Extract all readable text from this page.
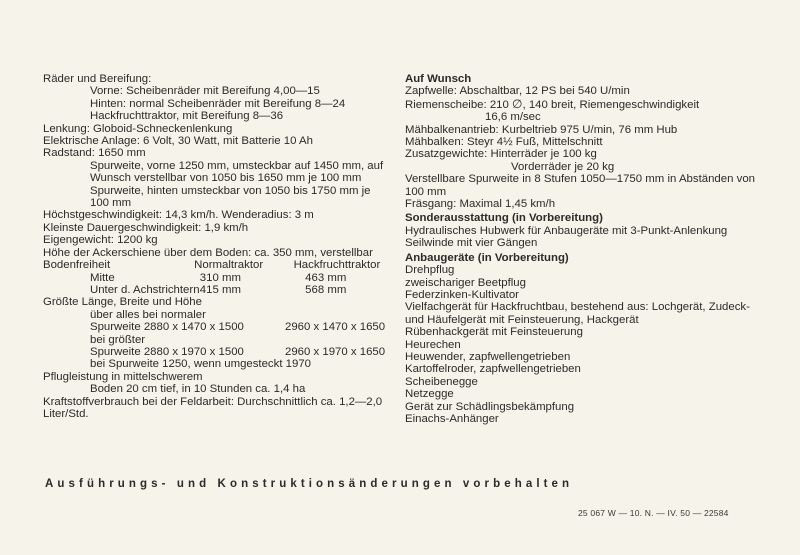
Räder und Bereifung:
Vorne: Scheibenräder mit Bereifung 4,00—15
Hinten: normal Scheibenräder mit Bereifung 8—24
Hackfruchttraktor, mit Bereifung 8—36
Lenkung: Globoid-Schneckenlenkung
Elektrische Anlage: 6 Volt, 30 Watt, mit Batterie 10 Ah
Radstand: 1650 mm
Spurweite, vorne 1250 mm, umsteckbar auf 1450 mm, auf Wunsch verstellbar von 1050 bis 1650 mm je 100 mm
Spurweite, hinten umsteckbar von 1050 bis 1750 mm je 100 mm
Höchstgeschwindigkeit: 14,3 km/h. Wenderadius: 3 m
Kleinste Dauergeschwindigkeit: 1,9 km/h
Eigengewicht: 1200 kg
Höhe der Ackerschiene über dem Boden: ca. 350 mm, verstellbar
Bodenfreiheit	Normaltraktor	Hackfruchttraktor
Mitte	310 mm	463 mm
Unter d. Achstrichtern 415 mm	568 mm
Größte Länge, Breite und Höhe
über alles bei normaler
Spurweite 2880 x 1470 x 1500	2960 x 1470 x 1650
bei größter
Spurweite 2880 x 1970 x 1500	2960 x 1970 x 1650
bei Spurweite 1250, wenn umgesteckt 1970
Pflugleistung in mittelschwerem
Boden 20 cm tief, in 10 Stunden ca. 1,4 ha
Kraftstoffverbrauch bei der Feldarbeit: Durchschnittlich ca. 1,2—2,0 Liter/Std.
Auf Wunsch
Zapfwelle: Abschaltbar, 12 PS bei 540 U/min
Riemenscheibe: 210 ∅, 140 breit, Riemengeschwindigkeit
16,6 m/sec
Mähbalkenantrieb: Kurbeltrieb 975 U/min, 76 mm Hub
Mähbalken: Steyr 4½ Fuß, Mittelschnitt
Zusatzgewichte: Hinterräder je 100 kg
Vorderräder je 20 kg
Verstellbare Spurweite in 8 Stufen 1050—1750 mm in Abständen von 100 mm
Fräsgang: Maximal 1,45 km/h
Sonderausstattung (in Vorbereitung)
Hydraulisches Hubwerk für Anbaugeräte mit 3-Punkt-Anlenkung
Seilwinde mit vier Gängen
Anbaugeräte (in Vorbereitung)
Drehpflug
zweischariger Beetpflug
Federzinken-Kultivator
Vielfachgerät für Hackfruchtbau, bestehend aus: Lochgerät, Zudeck- und Häufelgerät mit Feinsteuerung, Hackgerät
Rübenhackgerät mit Feinsteuerung
Heurechen
Heuwender, zapfwellengetrieben
Kartoffelroder, zapfwellengetrieben
Scheibenegge
Netzegge
Gerät zur Schädlingsbekämpfung
Einachs-Anhänger
Ausführungs- und Konstruktionsänderungen vorbehalten
25 067 W — 10. N. — IV. 50 — 22584
